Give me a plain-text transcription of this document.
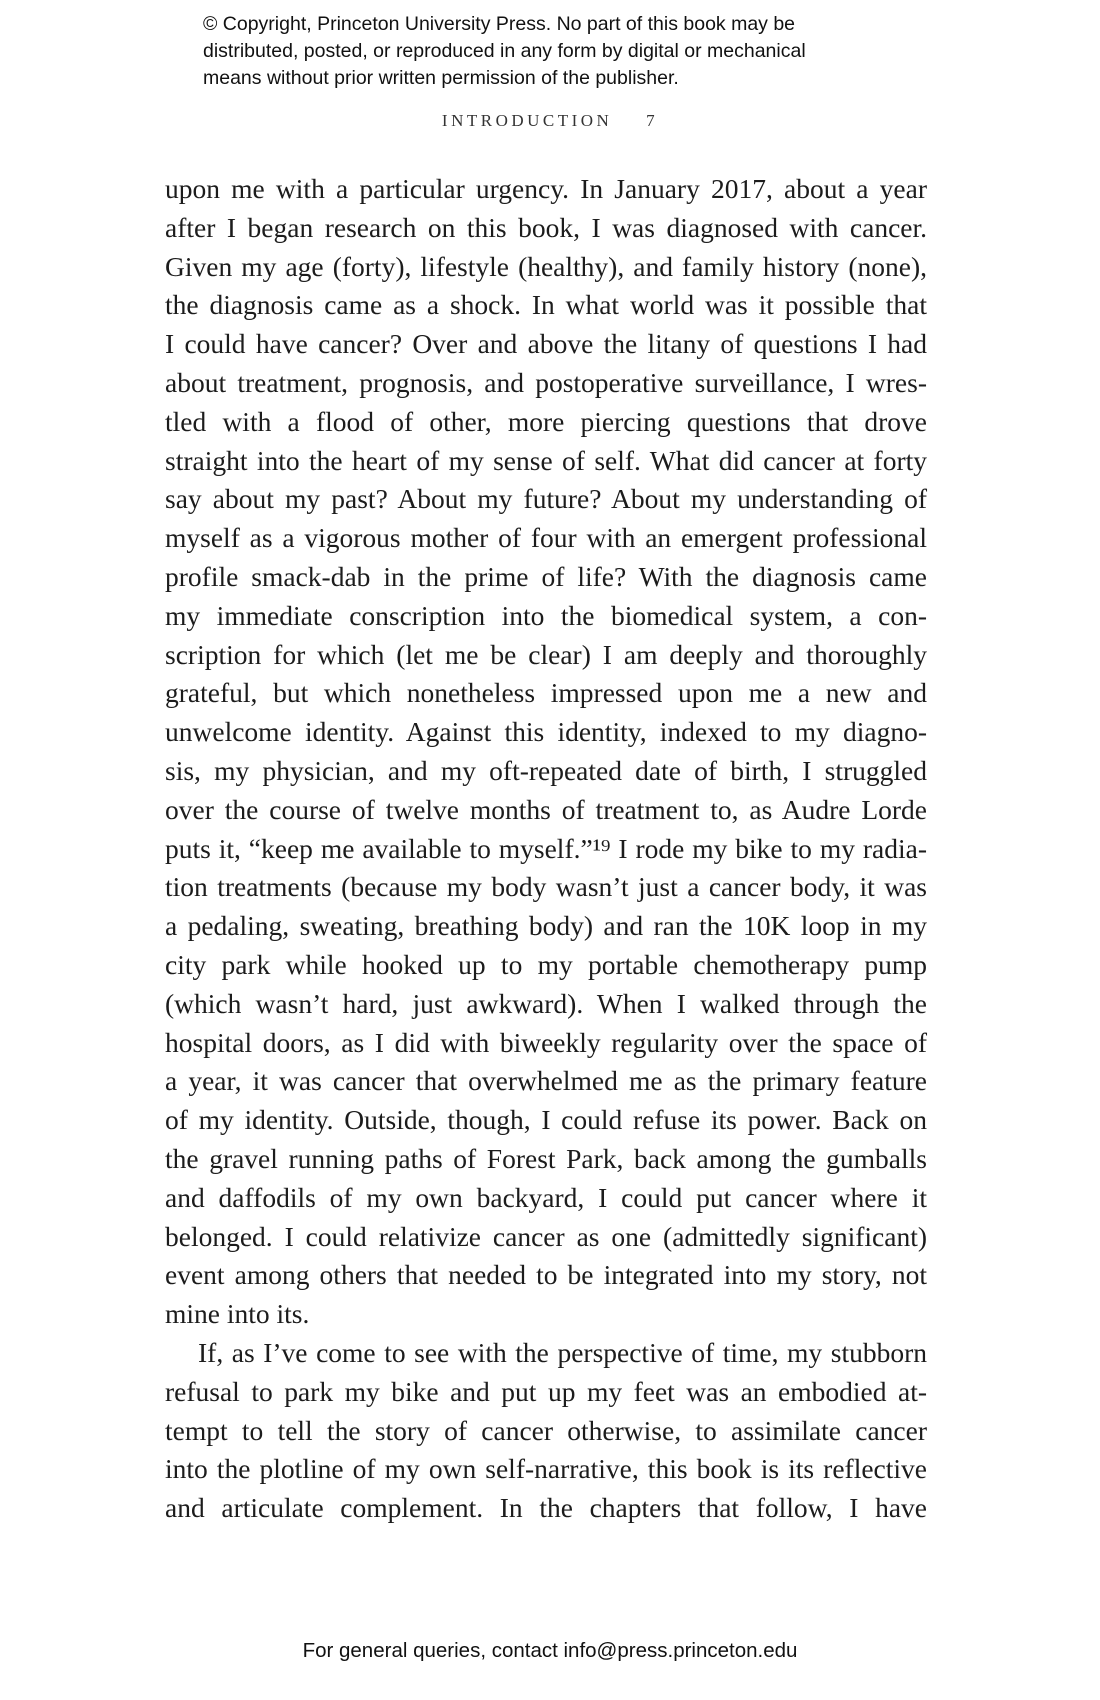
© Copyright, Princeton University Press. No part of this book may be
distributed, posted, or reproduced in any form by digital or mechanical
means without prior written permission of the publisher.
INTRODUCTION 7
upon me with a particular urgency. In January 2017, about a year
after I began research on this book, I was diagnosed with cancer.
Given my age (forty), lifestyle (healthy), and family history (none),
the diagnosis came as a shock. In what world was it possible that
I could have cancer? Over and above the litany of questions I had
about treatment, prognosis, and postoperative surveillance, I wres-
tled with a flood of other, more piercing questions that drove
straight into the heart of my sense of self. What did cancer at forty
say about my past? About my future? About my understanding of
myself as a vigorous mother of four with an emergent professional
profile smack-dab in the prime of life? With the diagnosis came
my immediate conscription into the biomedical system, a con-
scription for which (let me be clear) I am deeply and thoroughly
grateful, but which nonetheless impressed upon me a new and
unwelcome identity. Against this identity, indexed to my diagno-
sis, my physician, and my oft-repeated date of birth, I struggled
over the course of twelve months of treatment to, as Audre Lorde
puts it, “keep me available to myself.”¹⁹ I rode my bike to my radia-
tion treatments (because my body wasn’t just a cancer body, it was
a pedaling, sweating, breathing body) and ran the 10K loop in my
city park while hooked up to my portable chemotherapy pump
(which wasn’t hard, just awkward). When I walked through the
hospital doors, as I did with biweekly regularity over the space of
a year, it was cancer that overwhelmed me as the primary feature
of my identity. Outside, though, I could refuse its power. Back on
the gravel running paths of Forest Park, back among the gumballs
and daffodils of my own backyard, I could put cancer where it
belonged. I could relativize cancer as one (admittedly significant)
event among others that needed to be integrated into my story, not
mine into its.
If, as I’ve come to see with the perspective of time, my stubborn
refusal to park my bike and put up my feet was an embodied at-
tempt to tell the story of cancer otherwise, to assimilate cancer
into the plotline of my own self-narrative, this book is its reflective
and articulate complement. In the chapters that follow, I have
For general queries, contact info@press.princeton.edu
